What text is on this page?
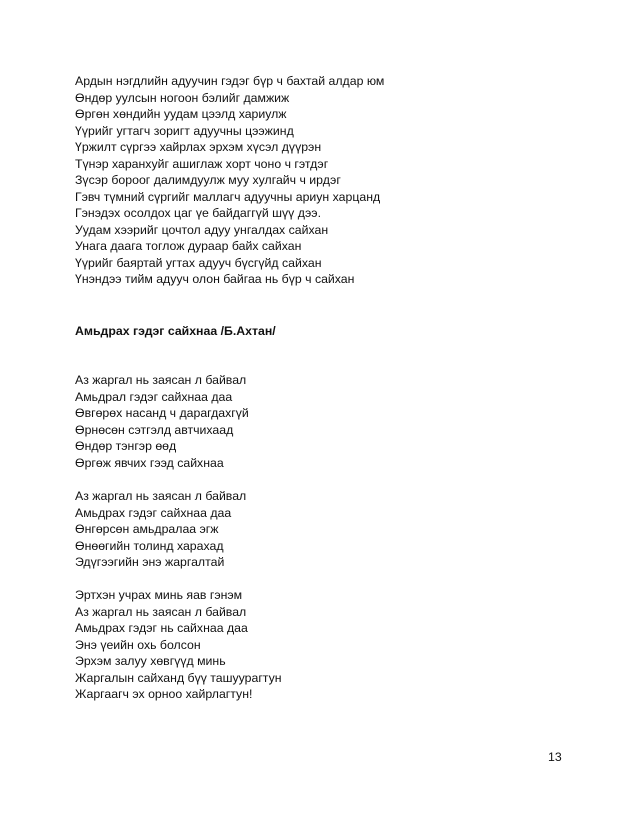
Ардын нэгдлийн адуучин гэдэг бүр ч бахтай алдар юм
Өндөр уулсын ногоон бэлийг дамжиж
Өргөн хөндийн уудам цээлд хариулж
Үүрийг угтагч зоригт адуучны цээжинд
Үржилт сүргээ хайрлах эрхэм хүсэл дүүрэн
Түнэр харанхуйг ашиглаж хорт чоно ч гэтдэг
Зүсэр бороог далимдуулж муу хулгайч ч ирдэг
Гэвч түмний сүргийг маллагч адуучны ариун харцанд
Гэнэдэх осолдох цаг үе байдаггүй шүү дээ.
Уудам хээрийг цочтол адуу унгалдах сайхан
Унага даага тоглож дураар байх сайхан
Үүрийг баяртай угтах адууч бүсгүйд сайхан
Үнэндээ тийм адууч олон байгаа нь бүр ч сайхан
Амьдрах гэдэг сайхнаа /Б.Ахтан/
Аз жаргал нь заясан л байвал
Амьдрал гэдэг сайхнаа даа
Өвгөрөх насанд ч дарагдахгүй
Өрнөсөн сэтгэлд автчихаад
Өндөр тэнгэр өөд
Өргөж явчих гээд сайхнаа
Аз жаргал нь заясан л байвал
Амьдрах гэдэг сайхнаа даа
Өнгөрсөн амьдралаа эгж
Өнөөгийн толинд харахад
Эдүгээгийн энэ жаргалтай
Эртхэн учрах минь яав гэнэм
Аз жаргал нь заясан л байвал
Амьдрах гэдэг нь сайхнаа даа
Энэ үеийн охь болсон
Эрхэм залуу хөвгүүд минь
Жаргалын сайханд бүү ташуурагтун
Жаргаагч эх орноо хайрлагтун!
13
